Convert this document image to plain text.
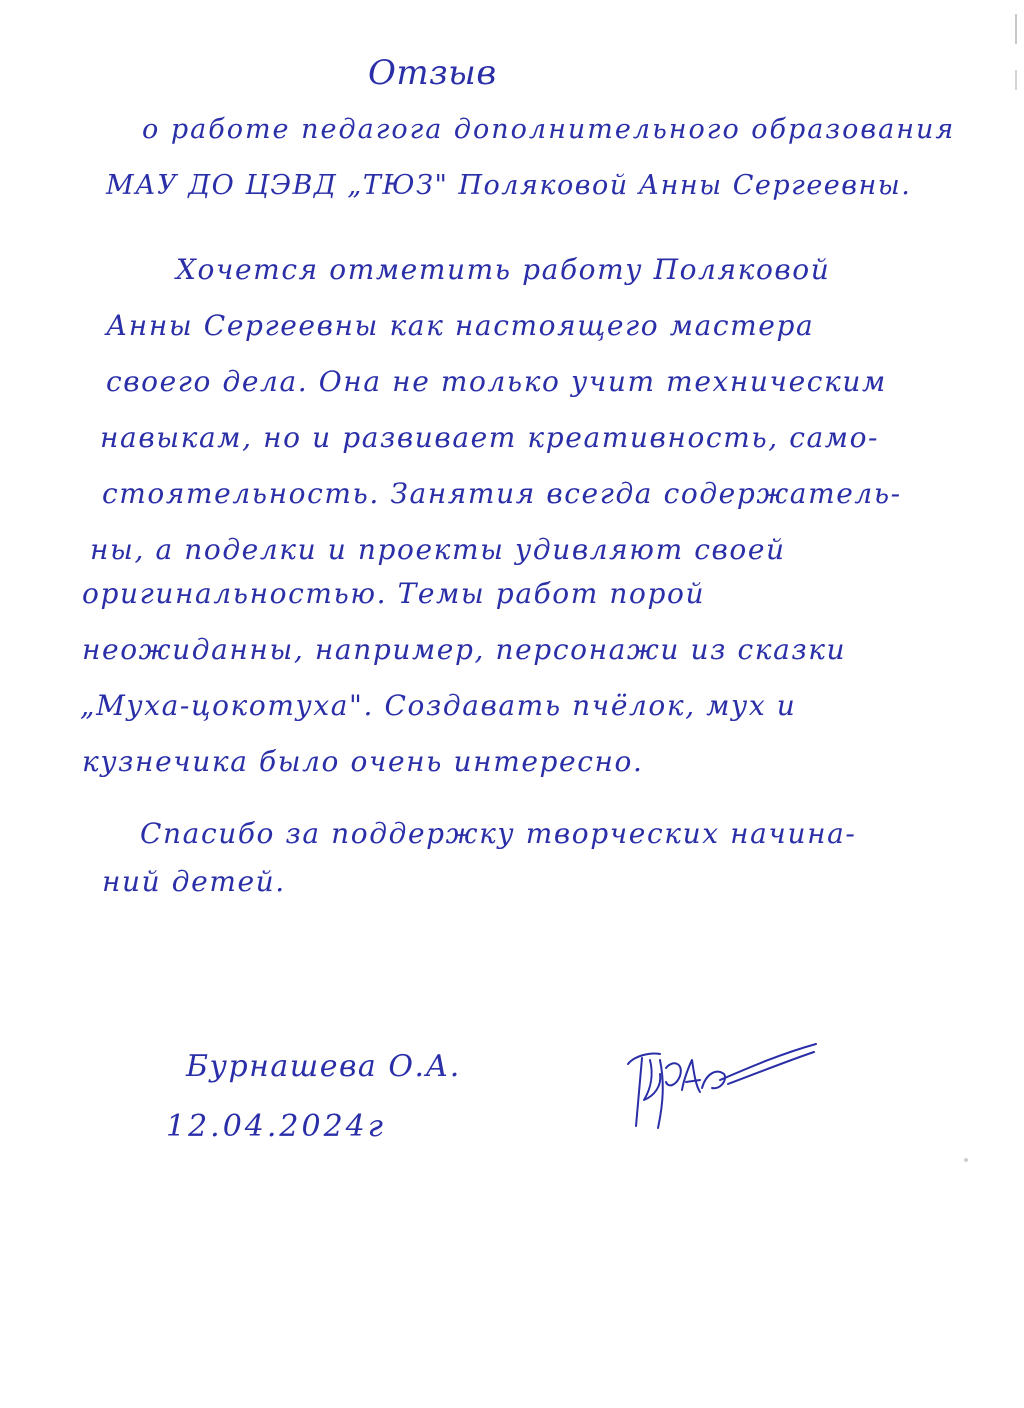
Отзыв
о работе педагога дополнительного образования
МАУ ДО ЦЭВД „ТЮЗ" Поляковой Анны Сергеевны.
Хочется отметить работу Поляковой
Анны Сергеевны как настоящего мастера
своего дела. Она не только учит техническим
навыкам, но и развивает креативность, само-
стоятельность. Занятия всегда содержатель-
ны, а поделки и проекты удивляют своей
оригинальностью. Темы работ порой
неожиданны, например, персонажи из сказки
„Муха-цокотуха". Создавать пчёлок, мух и
кузнечика было очень интересно.
Спасибо за поддержку творческих начина-
ний детей.
Бурнашева О.А.
12.04.2024г
